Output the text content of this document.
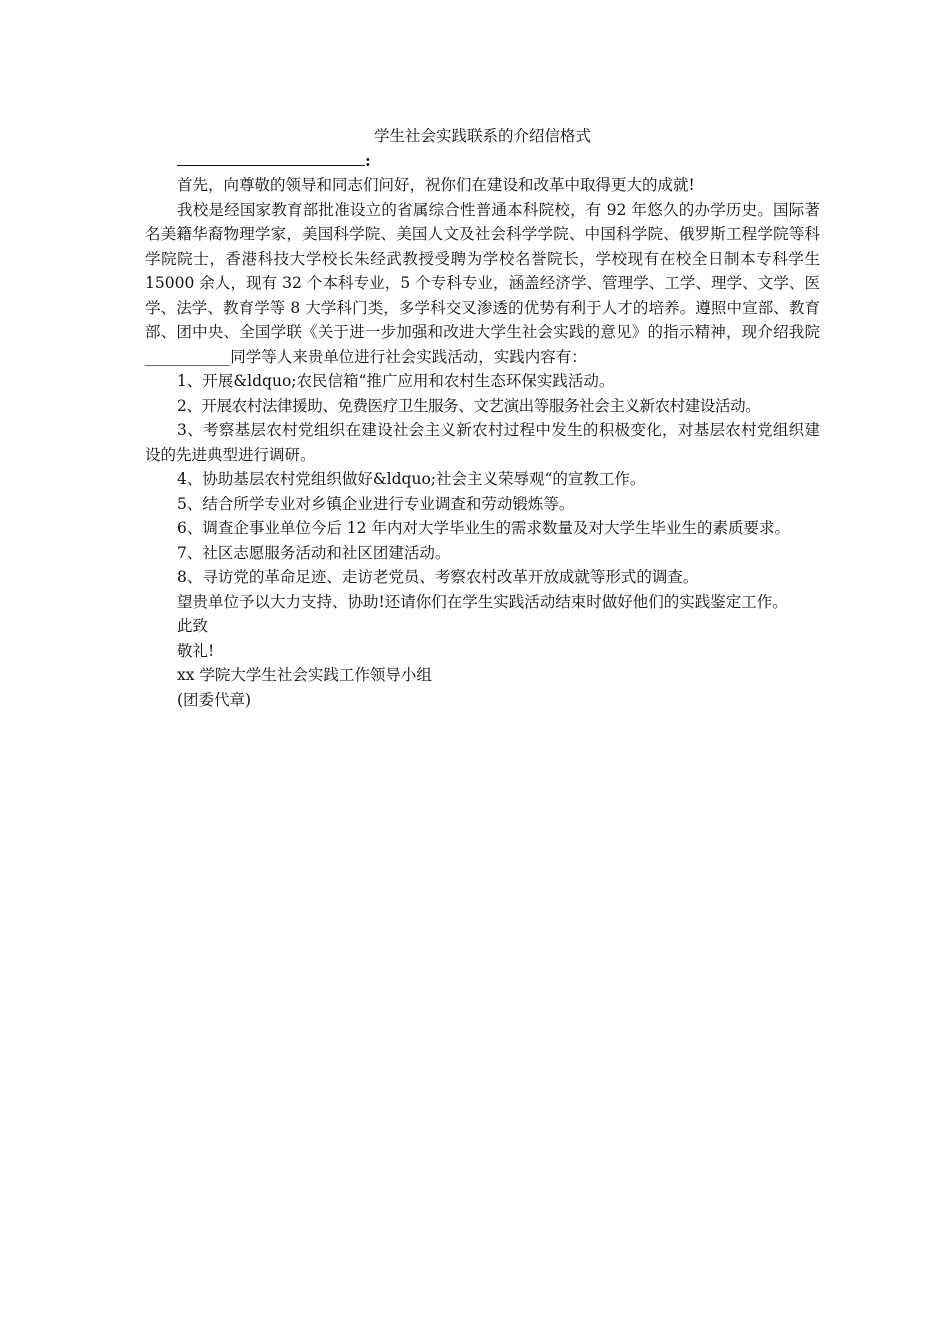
学生社会实践联系的介绍信格式

:

首先，向尊敬的领导和同志们问好，祝你们在建设和改革中取得更大的成就!

我校是经国家教育部批准设立的省属综合性普通本科院校，有 92 年悠久的办学历史。国际著名美籍华裔物理学家，美国科学院、美国人文及社会科学学院、中国科学院、俄罗斯工程学院等科学院院士，香港科技大学校长朱经武教授受聘为学校名誉院长，学校现有在校全日制本专科学生 15000 余人，现有 32 个本科专业，5 个专科专业，涵盖经济学、管理学、工学、理学、文学、医学、法学、教育学等 8 大学科门类，多学科交叉渗透的优势有利于人才的培养。遵照中宣部、教育部、团中央、全国学联《关于进一步加强和改进大学生社会实践的意见》的指示精神，现介绍我院___________同学等人来贵单位进行社会实践活动，实践内容有：

1、开展&ldquo;农民信箱“推广应用和农村生态环保实践活动。

2、开展农村法律援助、免费医疗卫生服务、文艺演出等服务社会主义新农村建设活动。

3、考察基层农村党组织在建设社会主义新农村过程中发生的积极变化，对基层农村党组织建设的先进典型进行调研。

4、协助基层农村党组织做好&ldquo;社会主义荣辱观“的宣教工作。

5、结合所学专业对乡镇企业进行专业调查和劳动锻炼等。

6、调查企事业单位今后 12 年内对大学毕业生的需求数量及对大学生毕业生的素质要求。

7、社区志愿服务活动和社区团建活动。

8、寻访党的革命足迹、走访老党员、考察农村改革开放成就等形式的调查。

望贵单位予以大力支持、协助!还请你们在学生实践活动结束时做好他们的实践鉴定工作。

此致

敬礼!

xx 学院大学生社会实践工作领导小组

(团委代章)
